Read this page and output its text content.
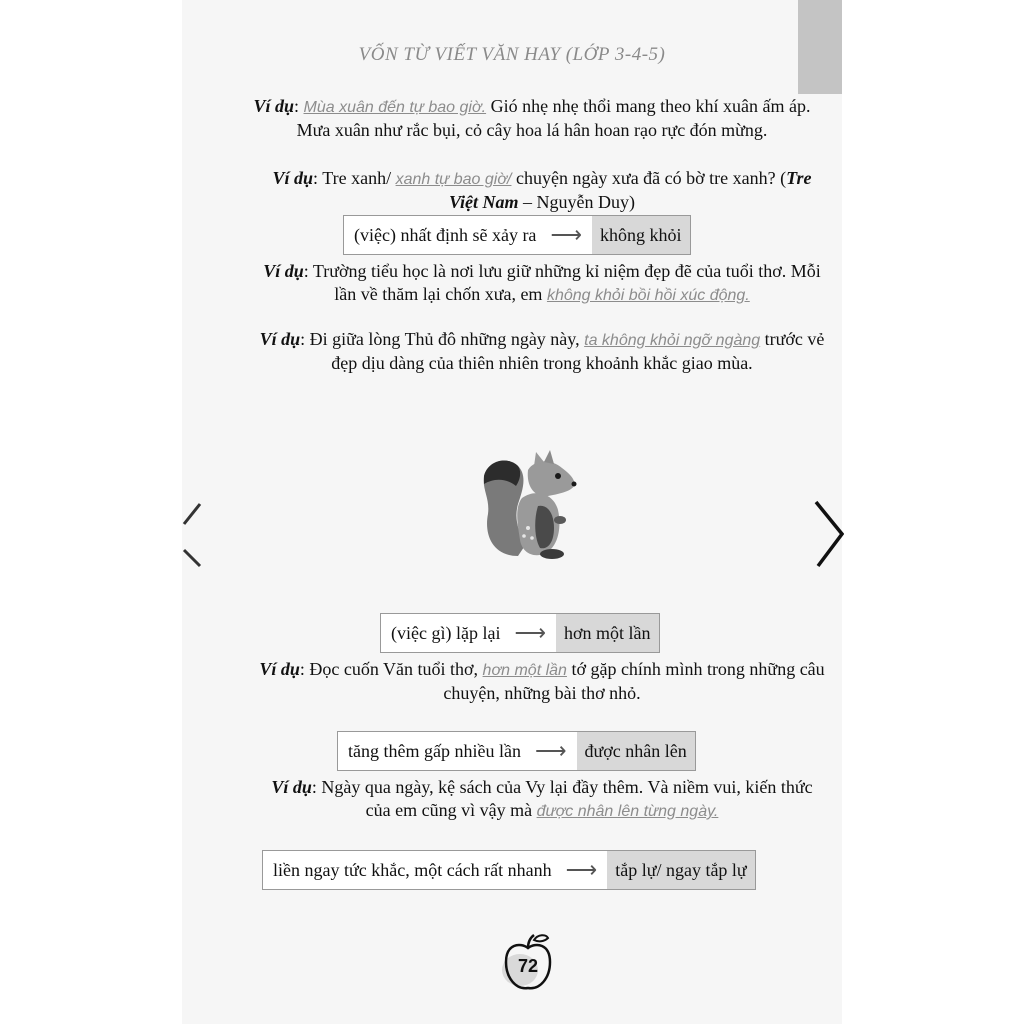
VỐN TỪ VIẾT VĂN HAY (LỚP 3-4-5)
Ví dụ: Mùa xuân đến tự bao giờ. Gió nhẹ nhẹ thổi mang theo khí xuân ấm áp. Mưa xuân như rắc bụi, cỏ cây hoa lá hân hoan rạo rực đón mừng.
Ví dụ: Tre xanh/ xanh tự bao giờ/ chuyện ngày xưa đã có bờ tre xanh? (Tre Việt Nam – Nguyễn Duy)
(việc) nhất định sẽ xảy ra ⟶	không khỏi
Ví dụ: Trường tiểu học là nơi lưu giữ những kỉ niệm đẹp đẽ của tuổi thơ. Mỗi lần về thăm lại chốn xưa, em không khỏi bồi hồi xúc động.
Ví dụ: Đi giữa lòng Thủ đô những ngày này, ta không khỏi ngỡ ngàng trước vẻ đẹp dịu dàng của thiên nhiên trong khoảnh khắc giao mùa.
(việc gì) lặp lại ⟶	hơn một lần
Ví dụ: Đọc cuốn Văn tuổi thơ, hơn một lần tớ gặp chính mình trong những câu chuyện, những bài thơ nhỏ.
tăng thêm gấp nhiều lần ⟶	được nhân lên
Ví dụ: Ngày qua ngày, kệ sách của Vy lại đầy thêm. Và niềm vui, kiến thức của em cũng vì vậy mà được nhân lên từng ngày.
liền ngay tức khắc, một cách rất nhanh ⟶	tắp lự/ ngay tắp lự
72
